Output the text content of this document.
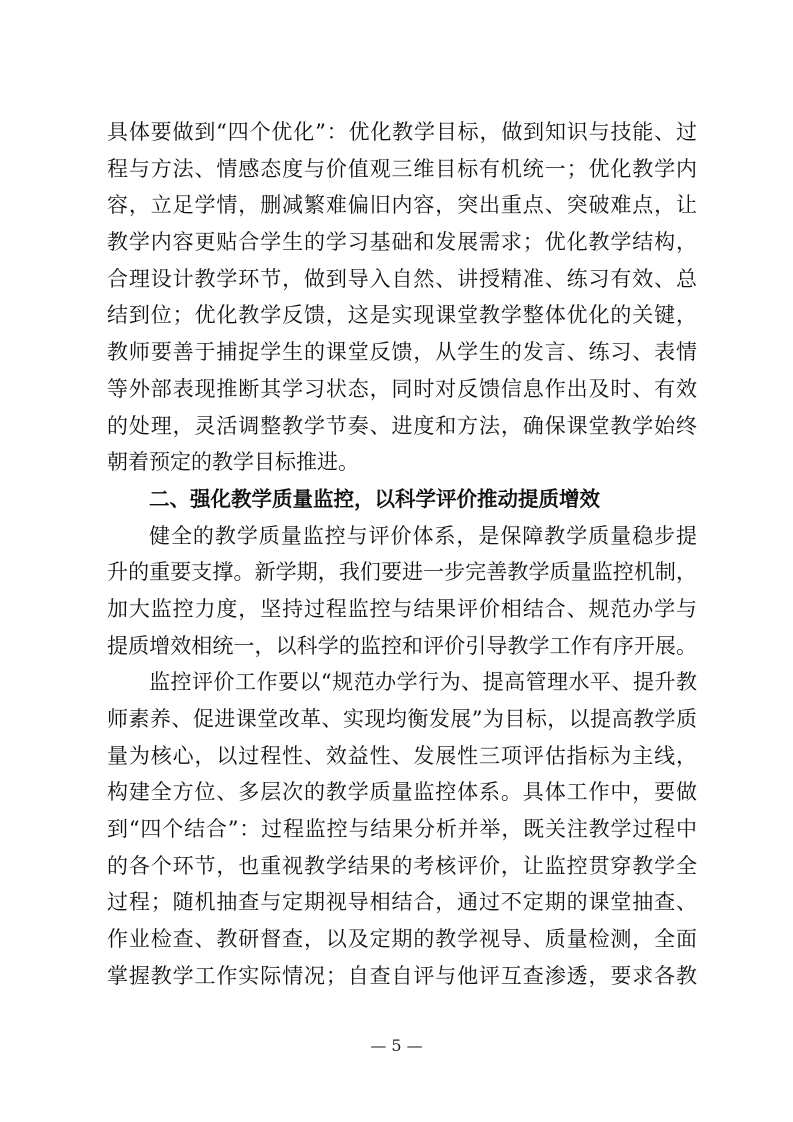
具体要做到“四个优化”：优化教学目标，做到知识与技能、过
程与方法、情感态度与价值观三维目标有机统一；优化教学内
容，立足学情，删减繁难偏旧内容，突出重点、突破难点，让
教学内容更贴合学生的学习基础和发展需求；优化教学结构，
合理设计教学环节，做到导入自然、讲授精准、练习有效、总
结到位；优化教学反馈，这是实现课堂教学整体优化的关键，
教师要善于捕捉学生的课堂反馈，从学生的发言、练习、表情
等外部表现推断其学习状态，同时对反馈信息作出及时、有效
的处理，灵活调整教学节奏、进度和方法，确保课堂教学始终
朝着预定的教学目标推进。
二、强化教学质量监控，以科学评价推动提质增效
健全的教学质量监控与评价体系，是保障教学质量稳步提
升的重要支撑。新学期，我们要进一步完善教学质量监控机制，
加大监控力度，坚持过程监控与结果评价相结合、规范办学与
提质增效相统一，以科学的监控和评价引导教学工作有序开展。
监控评价工作要以“规范办学行为、提高管理水平、提升教
师素养、促进课堂改革、实现均衡发展”为目标，以提高教学质
量为核心，以过程性、效益性、发展性三项评估指标为主线，
构建全方位、多层次的教学质量监控体系。具体工作中，要做
到“四个结合”：过程监控与结果分析并举，既关注教学过程中
的各个环节，也重视教学结果的考核评价，让监控贯穿教学全
过程；随机抽查与定期视导相结合，通过不定期的课堂抽查、
作业检查、教研督查，以及定期的教学视导、质量检测，全面
掌握教学工作实际情况；自查自评与他评互查渗透，要求各教
— 5 —
